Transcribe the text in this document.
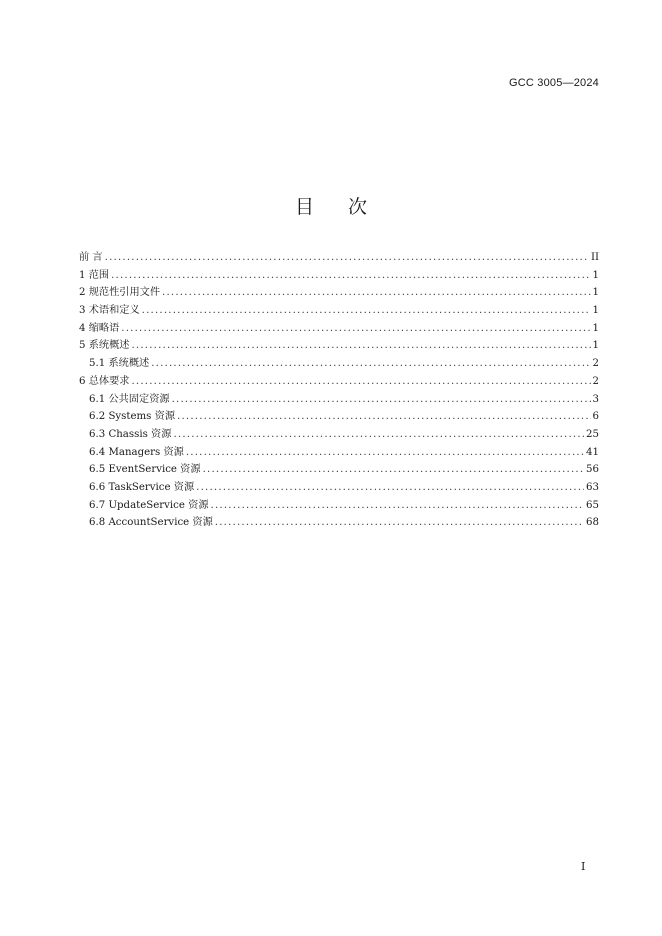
GCC 3005—2024
目 次
前 言 .....	II
1 范围 .....	1
2 规范性引用文件 .....	1
3 术语和定义 .....	1
4 缩略语 .....	1
5 系统概述 .....	1
5.1 系统概述 .....	2
6 总体要求 .....	2
6.1 公共固定资源 .....	3
6.2 Systems 资源 .....	6
6.3 Chassis 资源 .....	25
6.4 Managers 资源 .....	41
6.5 EventService 资源 .....	56
6.6 TaskService 资源 .....	63
6.7 UpdateService 资源 .....	65
6.8 AccountService 资源 .....	68
I
